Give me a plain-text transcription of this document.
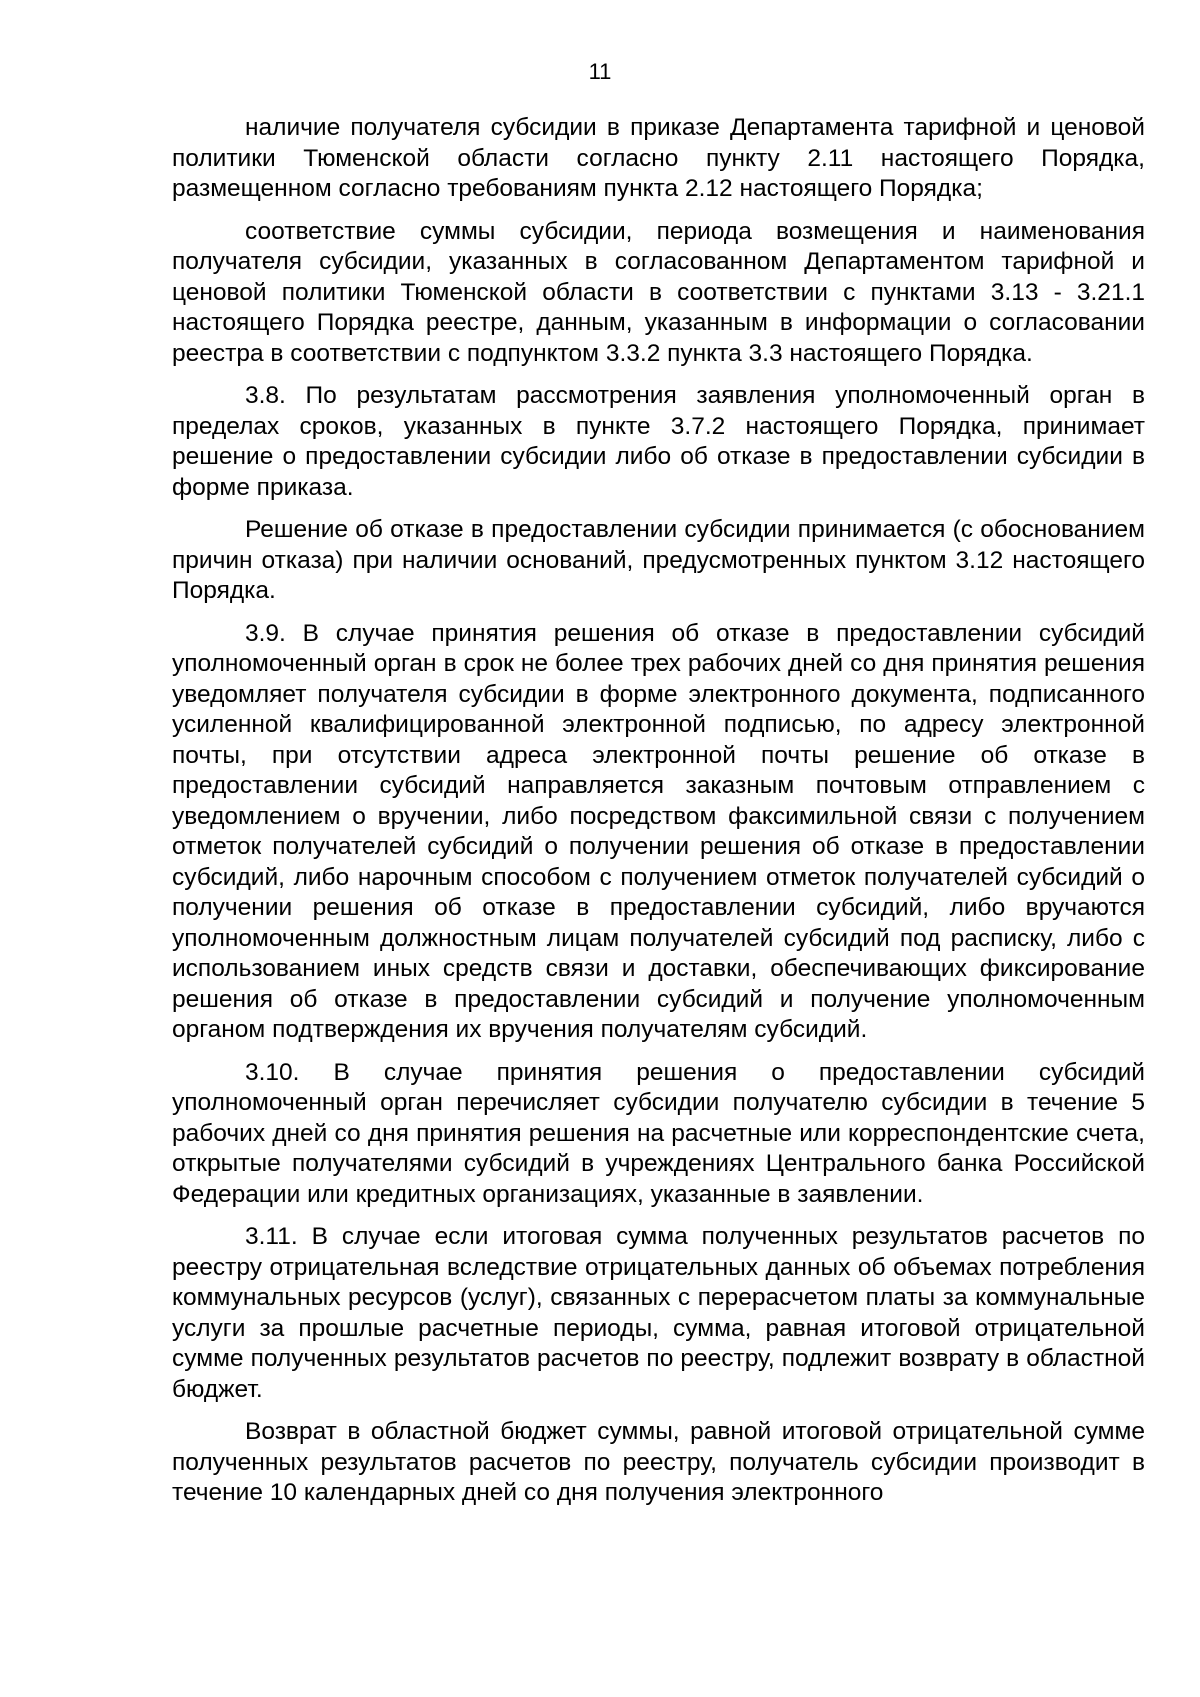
11

наличие получателя субсидии в приказе Департамента тарифной и ценовой политики Тюменской области согласно пункту 2.11 настоящего Порядка, размещенном согласно требованиям пункта 2.12 настоящего Порядка;

соответствие суммы субсидии, периода возмещения и наименования получателя субсидии, указанных в согласованном Департаментом тарифной и ценовой политики Тюменской области в соответствии с пунктами 3.13 - 3.21.1 настоящего Порядка реестре, данным, указанным в информации о согласовании реестра в соответствии с подпунктом 3.3.2 пункта 3.3 настоящего Порядка.

3.8. По результатам рассмотрения заявления уполномоченный орган в пределах сроков, указанных в пункте 3.7.2 настоящего Порядка, принимает решение о предоставлении субсидии либо об отказе в предоставлении субсидии в форме приказа.

Решение об отказе в предоставлении субсидии принимается (с обоснованием причин отказа) при наличии оснований, предусмотренных пунктом 3.12 настоящего Порядка.

3.9. В случае принятия решения об отказе в предоставлении субсидий уполномоченный орган в срок не более трех рабочих дней со дня принятия решения уведомляет получателя субсидии в форме электронного документа, подписанного усиленной квалифицированной электронной подписью, по адресу электронной почты, при отсутствии адреса электронной почты решение об отказе в предоставлении субсидий направляется заказным почтовым отправлением с уведомлением о вручении, либо посредством факсимильной связи с получением отметок получателей субсидий о получении решения об отказе в предоставлении субсидий, либо нарочным способом с получением отметок получателей субсидий о получении решения об отказе в предоставлении субсидий, либо вручаются уполномоченным должностным лицам получателей субсидий под расписку, либо с использованием иных средств связи и доставки, обеспечивающих фиксирование решения об отказе в предоставлении субсидий и получение уполномоченным органом подтверждения их вручения получателям субсидий.

3.10. В случае принятия решения о предоставлении субсидий уполномоченный орган перечисляет субсидии получателю субсидии в течение 5 рабочих дней со дня принятия решения на расчетные или корреспондентские счета, открытые получателями субсидий в учреждениях Центрального банка Российской Федерации или кредитных организациях, указанные в заявлении.

3.11. В случае если итоговая сумма полученных результатов расчетов по реестру отрицательная вследствие отрицательных данных об объемах потребления коммунальных ресурсов (услуг), связанных с перерасчетом платы за коммунальные услуги за прошлые расчетные периоды, сумма, равная итоговой отрицательной сумме полученных результатов расчетов по реестру, подлежит возврату в областной бюджет.

Возврат в областной бюджет суммы, равной итоговой отрицательной сумме полученных результатов расчетов по реестру, получатель субсидии производит в течение 10 календарных дней со дня получения электронного
